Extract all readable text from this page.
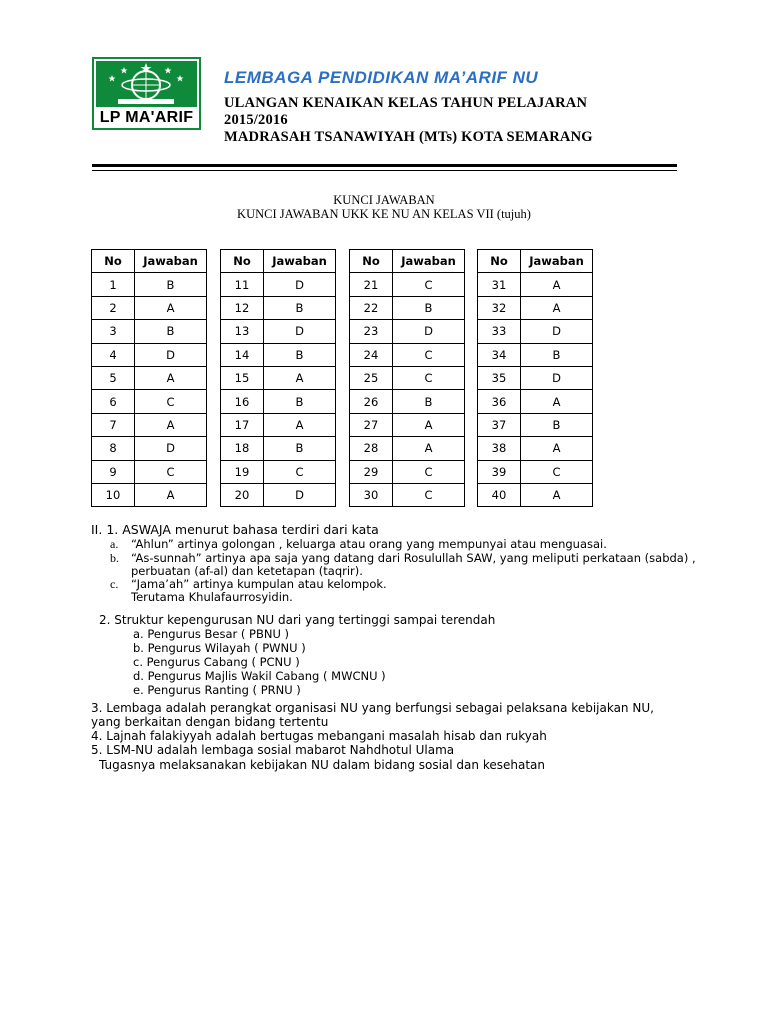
LP MA'ARIF
LEMBAGA PENDIDIKAN MA’ARIF NU
ULANGAN KENAIKAN KELAS TAHUN PELAJARAN
2015/2016
MADRASAH TSANAWIYAH (MTs) KOTA SEMARANG
KUNCI JAWABAN
KUNCI JAWABAN UKK KE NU AN KELAS VII (tujuh)
No	Jawaban
1	B
2	A
3	B
4	D
5	A
6	C
7	A
8	D
9	C
10	A
No	Jawaban
11	D
12	B
13	D
14	B
15	A
16	B
17	A
18	B
19	C
20	D
No	Jawaban
21	C
22	B
23	D
24	C
25	C
26	B
27	A
28	A
29	C
30	C
No	Jawaban
31	A
32	A
33	D
34	B
35	D
36	A
37	B
38	A
39	C
40	A
II. 1. ASWAJA menurut bahasa terdiri dari kata
a. “Ahlun” artinya golongan , keluarga atau orang yang mempunyai atau menguasai.
b. “As-sunnah” artinya apa saja yang datang dari Rosulullah SAW, yang meliputi perkataan (sabda) ,
perbuatan (af-al) dan ketetapan (taqrir).
c. “Jama’ah” artinya kumpulan atau kelompok.
Terutama Khulafaurrosyidin.
2. Struktur kepengurusan NU dari yang tertinggi sampai terendah
a. Pengurus Besar ( PBNU )
b. Pengurus Wilayah ( PWNU )
c. Pengurus Cabang ( PCNU )
d. Pengurus Majlis Wakil Cabang ( MWCNU )
e. Pengurus Ranting ( PRNU )
3. Lembaga adalah perangkat organisasi NU yang berfungsi sebagai pelaksana kebijakan NU,
yang berkaitan dengan bidang tertentu
4. Lajnah falakiyyah adalah bertugas mebangani masalah hisab dan rukyah
5. LSM-NU adalah lembaga sosial mabarot Nahdhotul Ulama
Tugasnya melaksanakan kebijakan NU dalam bidang sosial dan kesehatan
